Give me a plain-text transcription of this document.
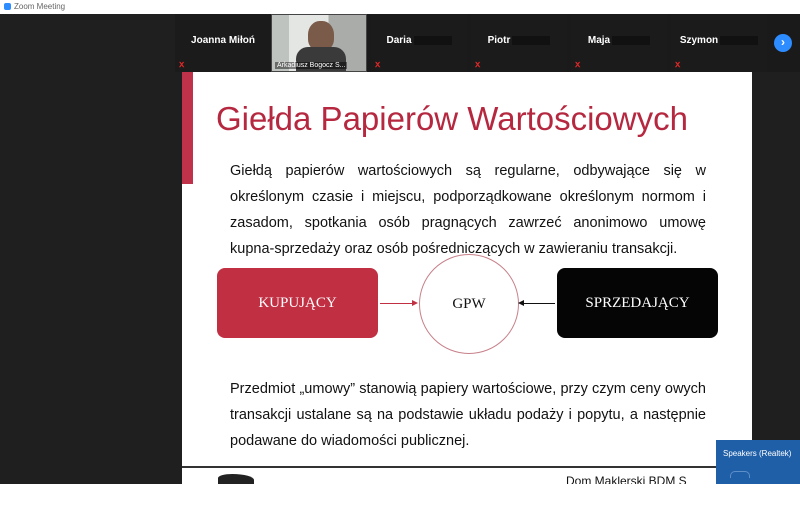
Zoom Meeting
Joanna Miłoń
ⅹ	Arkadiusz Bogocz S...
Daria
ⅹ
Piotr
ⅹ
Maja
ⅹ
Szymon
ⅹ
›
Giełda Papierów Wartościowych
Giełdą papierów wartościowych są regularne, odbywające się w określonym czasie i miejscu, podporządkowane określonym normom i zasadom, spotkania osób pragnących zawrzeć anonimowo umowę kupna-sprzedaży oraz osób pośredniczących w zawieraniu transakcji.
KUPUJĄCY	GPW	SPRZEDAJĄCY
Przedmiot „umowy” stanowią papiery wartościowe, przy czym ceny owych transakcji ustalane są na podstawie układu podaży i popytu, a następnie podawane do wiadomości publicznej.
Dom Maklerski BDM S
Speakers (Realtek)
